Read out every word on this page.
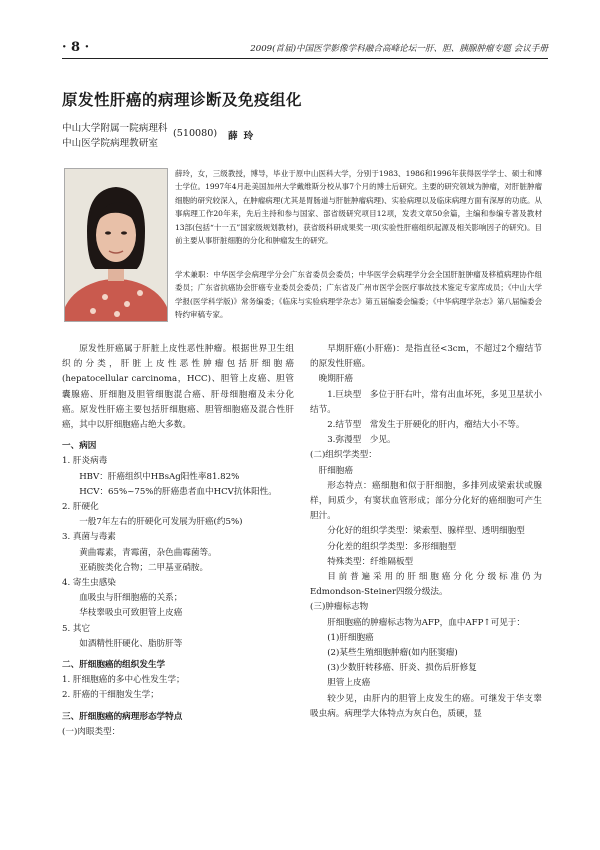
· 8 ·	2009(首届)中国医学影像学科融合高峰论坛一肝、胆、胰腺肿瘤专题 会议手册
原发性肝癌的病理诊断及免疫组化
中山大学附属一院病理科
中山医学院病理教研室
(510080) 薛玲

薛玲，女，三级教授，博导，毕业于原中山医科大学，分别于1983、1986和1996年获得医学学士、硕士和博士学位。1997年4月赴美国加州大学戴维斯分校从事7个月的博士后研究。主要的研究领域为肿瘤，对肝脏肿瘤细胞的研究较深入，在肿瘤病理(尤其是胃肠道与肝脏肿瘤病理)、实验病理以及临床病理方面有深厚的功底。从事病理工作20年来，先后主持和参与国家、部省级研究项目12项，发表文章50余篇，主编和参编专著及教材13部(包括“十一五”国家级规划教材)，获省级科研成果奖一项(实验性肝癌组织起源及相关影响因子的研究)。目前主要从事肝脏细胞的分化和肿瘤发生的研究。

学术兼职：中华医学会病理学分会广东省委员会委员；中华医学会病理学分会全国肝脏肿瘤及移植病理协作组委员；广东省抗癌协会肝癌专业委员会委员；广东省及广州市医学会医疗事故技术鉴定专家库成员；《中山大学学报(医学科学版)》常务编委；《临床与实验病理学杂志》第五届编委会编委；《中华病理学杂志》第八届编委会特约审稿专家。

原发性肝癌属于肝脏上皮性恶性肿瘤。根据世界卫生组织的分类，肝脏上皮性恶性肿瘤包括肝细胞癌(hepatocellular carcinoma，HCC)、胆管上皮癌、胆管囊腺癌、肝细胞及胆管细胞混合癌、肝母细胞瘤及未分化癌。原发性肝癌主要包括肝细胞癌、胆管细胞癌及混合性肝癌，其中以肝细胞癌占绝大多数。

一、病因

1. 肝炎病毒

HBV：肝癌组织中HBsAg阳性率81.82%

HCV：65%~75%的肝癌患者血中HCV抗体阳性。

2. 肝硬化

一般7年左右的肝硬化可发展为肝癌(约5%)

3. 真菌与毒素

黄曲霉素，青霉菌，杂色曲霉菌等。

亚硝胺类化合物；二甲基亚硝胺。

4. 寄生虫感染

血吸虫与肝细胞癌的关系；

华枝睾吸虫可致胆管上皮癌

5. 其它

如酒精性肝硬化、脂肪肝等

二、肝细胞癌的组织发生学

1. 肝细胞癌的多中心性发生学；

2. 肝癌的干细胞发生学；

三、肝细胞癌的病理形态学特点

(一)肉眼类型：

早期肝癌(小肝癌)：是指直径<3cm，不超过2个瘤结节的原发性肝癌。

晚期肝癌

1.巨块型　多位于肝右叶，常有出血坏死，多见卫星状小结节。

2.结节型　常发生于肝硬化的肝内，瘤结大小不等。

3.弥漫型　少见。

(二)组织学类型：

肝细胞癌

形态特点：癌细胞和似于肝细胞，多排列成梁索状或腺样，间质少，有窦状血管形成；部分分化好的癌细胞可产生胆汁。

分化好的组织学类型：梁索型、腺样型、透明细胞型

分化差的组织学类型：多形细胞型

特殊类型：纤维隔板型

目前普遍采用的肝细胞癌分化分级标准仍为Edmondson-Steiner四级分级法。

(三)肿瘤标志物

肝细胞癌的肿瘤标志物为AFP，血中AFP↑可见于：

(1)肝细胞癌

(2)某些生殖细胞肿瘤(如内胚窦瘤)

(3)少数肝转移癌、肝炎、损伤后肝修复

胆管上皮癌

较少见，由肝内的胆管上皮发生的癌。可继发于华支睾吸虫病。病理学大体特点为灰白色，质硬，显
